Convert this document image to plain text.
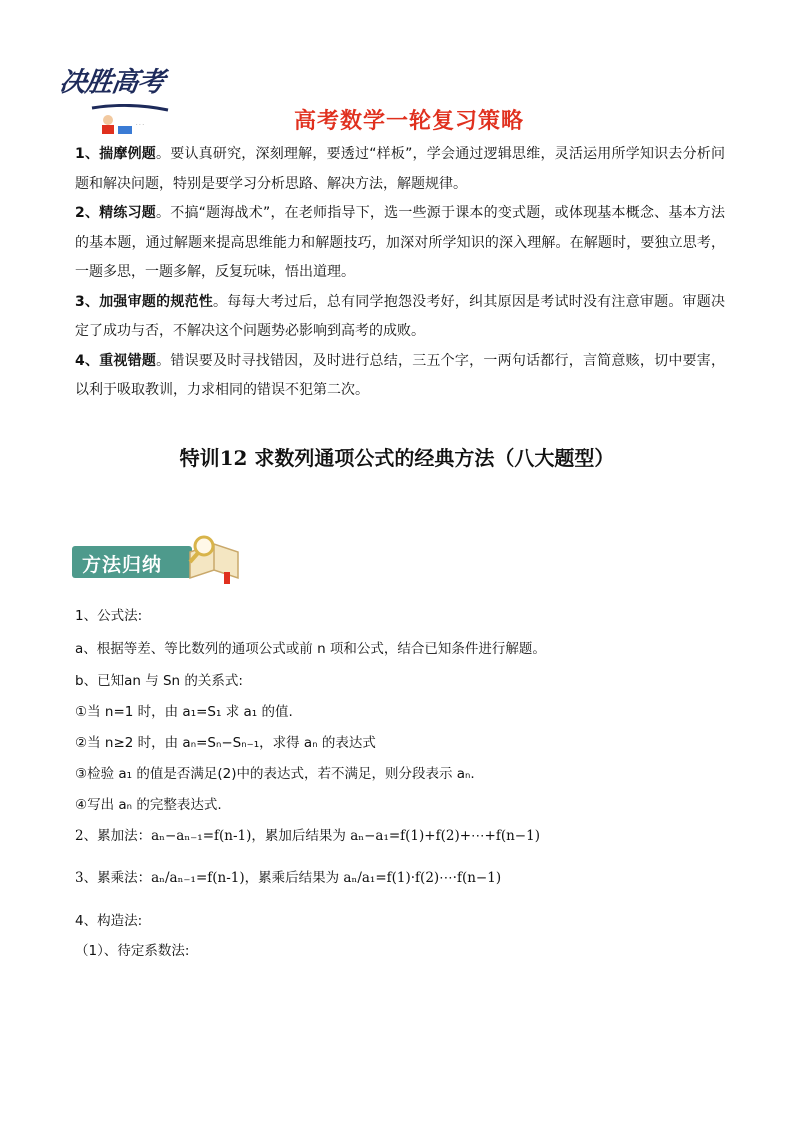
决胜高考
· · ·	高考数学一轮复习策略

1、揣摩例题。要认真研究，深刻理解，要透过“样板”，学会通过逻辑思维，灵活运用所学知识去分析问题和解决问题，特别是要学习分析思路、解决方法，解题规律。

2、精练习题。不搞“题海战术”，在老师指导下，选一些源于课本的变式题，或体现基本概念、基本方法的基本题，通过解题来提高思维能力和解题技巧，加深对所学知识的深入理解。在解题时，要独立思考，一题多思，一题多解，反复玩味，悟出道理。

3、加强审题的规范性。每每大考过后，总有同学抱怨没考好，纠其原因是考试时没有注意审题。审题决定了成功与否，不解决这个问题势必影响到高考的成败。

4、重视错题。错误要及时寻找错因，及时进行总结，三五个字，一两句话都行，言简意赅，切中要害，以利于吸取教训，力求相同的错误不犯第二次。

特训12 求数列通项公式的经典方法（八大题型）
方法归纳
1、公式法:
a、根据等差、等比数列的通项公式或前 n 项和公式，结合已知条件进行解题。
b、已知an 与 Sn 的关系式:
①当 n=1 时，由 a₁=S₁ 求 a₁ 的值.
②当 n≥2 时，由 aₙ=Sₙ−Sₙ₋₁，求得 aₙ 的表达式
③检验 a₁ 的值是否满足(2)中的表达式，若不满足，则分段表示 aₙ.
④写出 aₙ 的完整表达式.
2、累加法：aₙ−aₙ₋₁=f(n-1)，累加后结果为 aₙ−a₁=f(1)+f(2)+⋯+f(n−1)
3、累乘法：aₙ/aₙ₋₁=f(n-1)，累乘后结果为 aₙ/a₁=f(1)·f(2)⋯·f(n−1)
4、构造法:
（1）、待定系数法:
